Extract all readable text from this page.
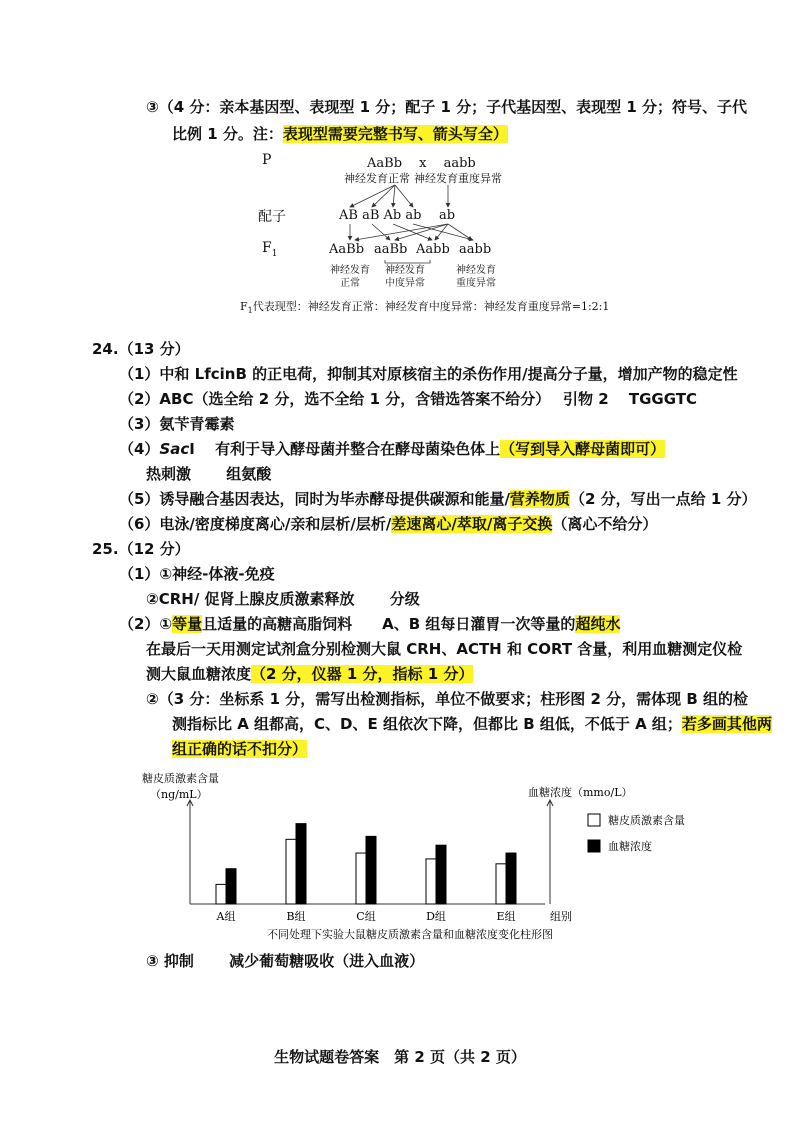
③（4 分：亲本基因型、表现型 1 分；配子 1 分；子代基因型、表现型 1 分；符号、子代
比例 1 分。注：表现型需要完整书写、箭头写全）
P	AaBb　 x　 aabb
神经发育正常 神经发育重度异常
配子	AB aB Ab ab ab
$F_1$	AaBb aaBb Aabb aabb
神经发育
正常
神经发育
中度异常
神经发育
重度异常
$F_1$代表现型：神经发育正常：神经发育中度异常：神经发育重度异常=1:2:1
24.（13 分）
（1）中和 LfcinB 的正电荷，抑制其对原核宿主的杀伤作用/提高分子量，增加产物的稳定性
（2）ABC（选全给 2 分，选不全给 1 分，含错选答案不给分）　 引物 2　 TGGGTC
（3）氨苄青霉素
（4）SacⅠ　 有利于导入酵母菌并整合在酵母菌染色体上（写到导入酵母菌即可）
热刺激　　 组氨酸
（5）诱导融合基因表达，同时为毕赤酵母提供碳源和能量/营养物质（2 分，写出一点给 1 分）
（6）电泳/密度梯度离心/亲和层析/层析/差速离心/萃取/离子交换（离心不给分）
25.（12 分）
（1）①神经-体液-免疫
②CRH/ 促肾上腺皮质激素释放　　 分级
（2）①等量且适量的高糖高脂饲料　　A、B 组每日灌胃一次等量的超纯水
在最后一天用测定试剂盒分别检测大鼠 CRH、ACTH 和 CORT 含量，利用血糖测定仪检
测大鼠血糖浓度（2 分，仪器 1 分，指标 1 分）
②（3 分：坐标系 1 分，需写出检测指标，单位不做要求；柱形图 2 分，需体现 B 组的检
测指标比 A 组都高，C、D、E 组依次下降，但都比 B 组低，不低于 A 组；若多画其他两
组正确的话不扣分）
糖皮质激素含量
（ng/mL）	血糖浓度（mmo/L）
组别
A组	B组	C组	D组	E组
糖皮质激素含量
血糖浓度
不同处理下实验大鼠糖皮质激素含量和血糖浓度变化柱形图
③ 抑制　　 减少葡萄糖吸收（进入血液）
生物试题卷答案　第 2 页（共 2 页）
